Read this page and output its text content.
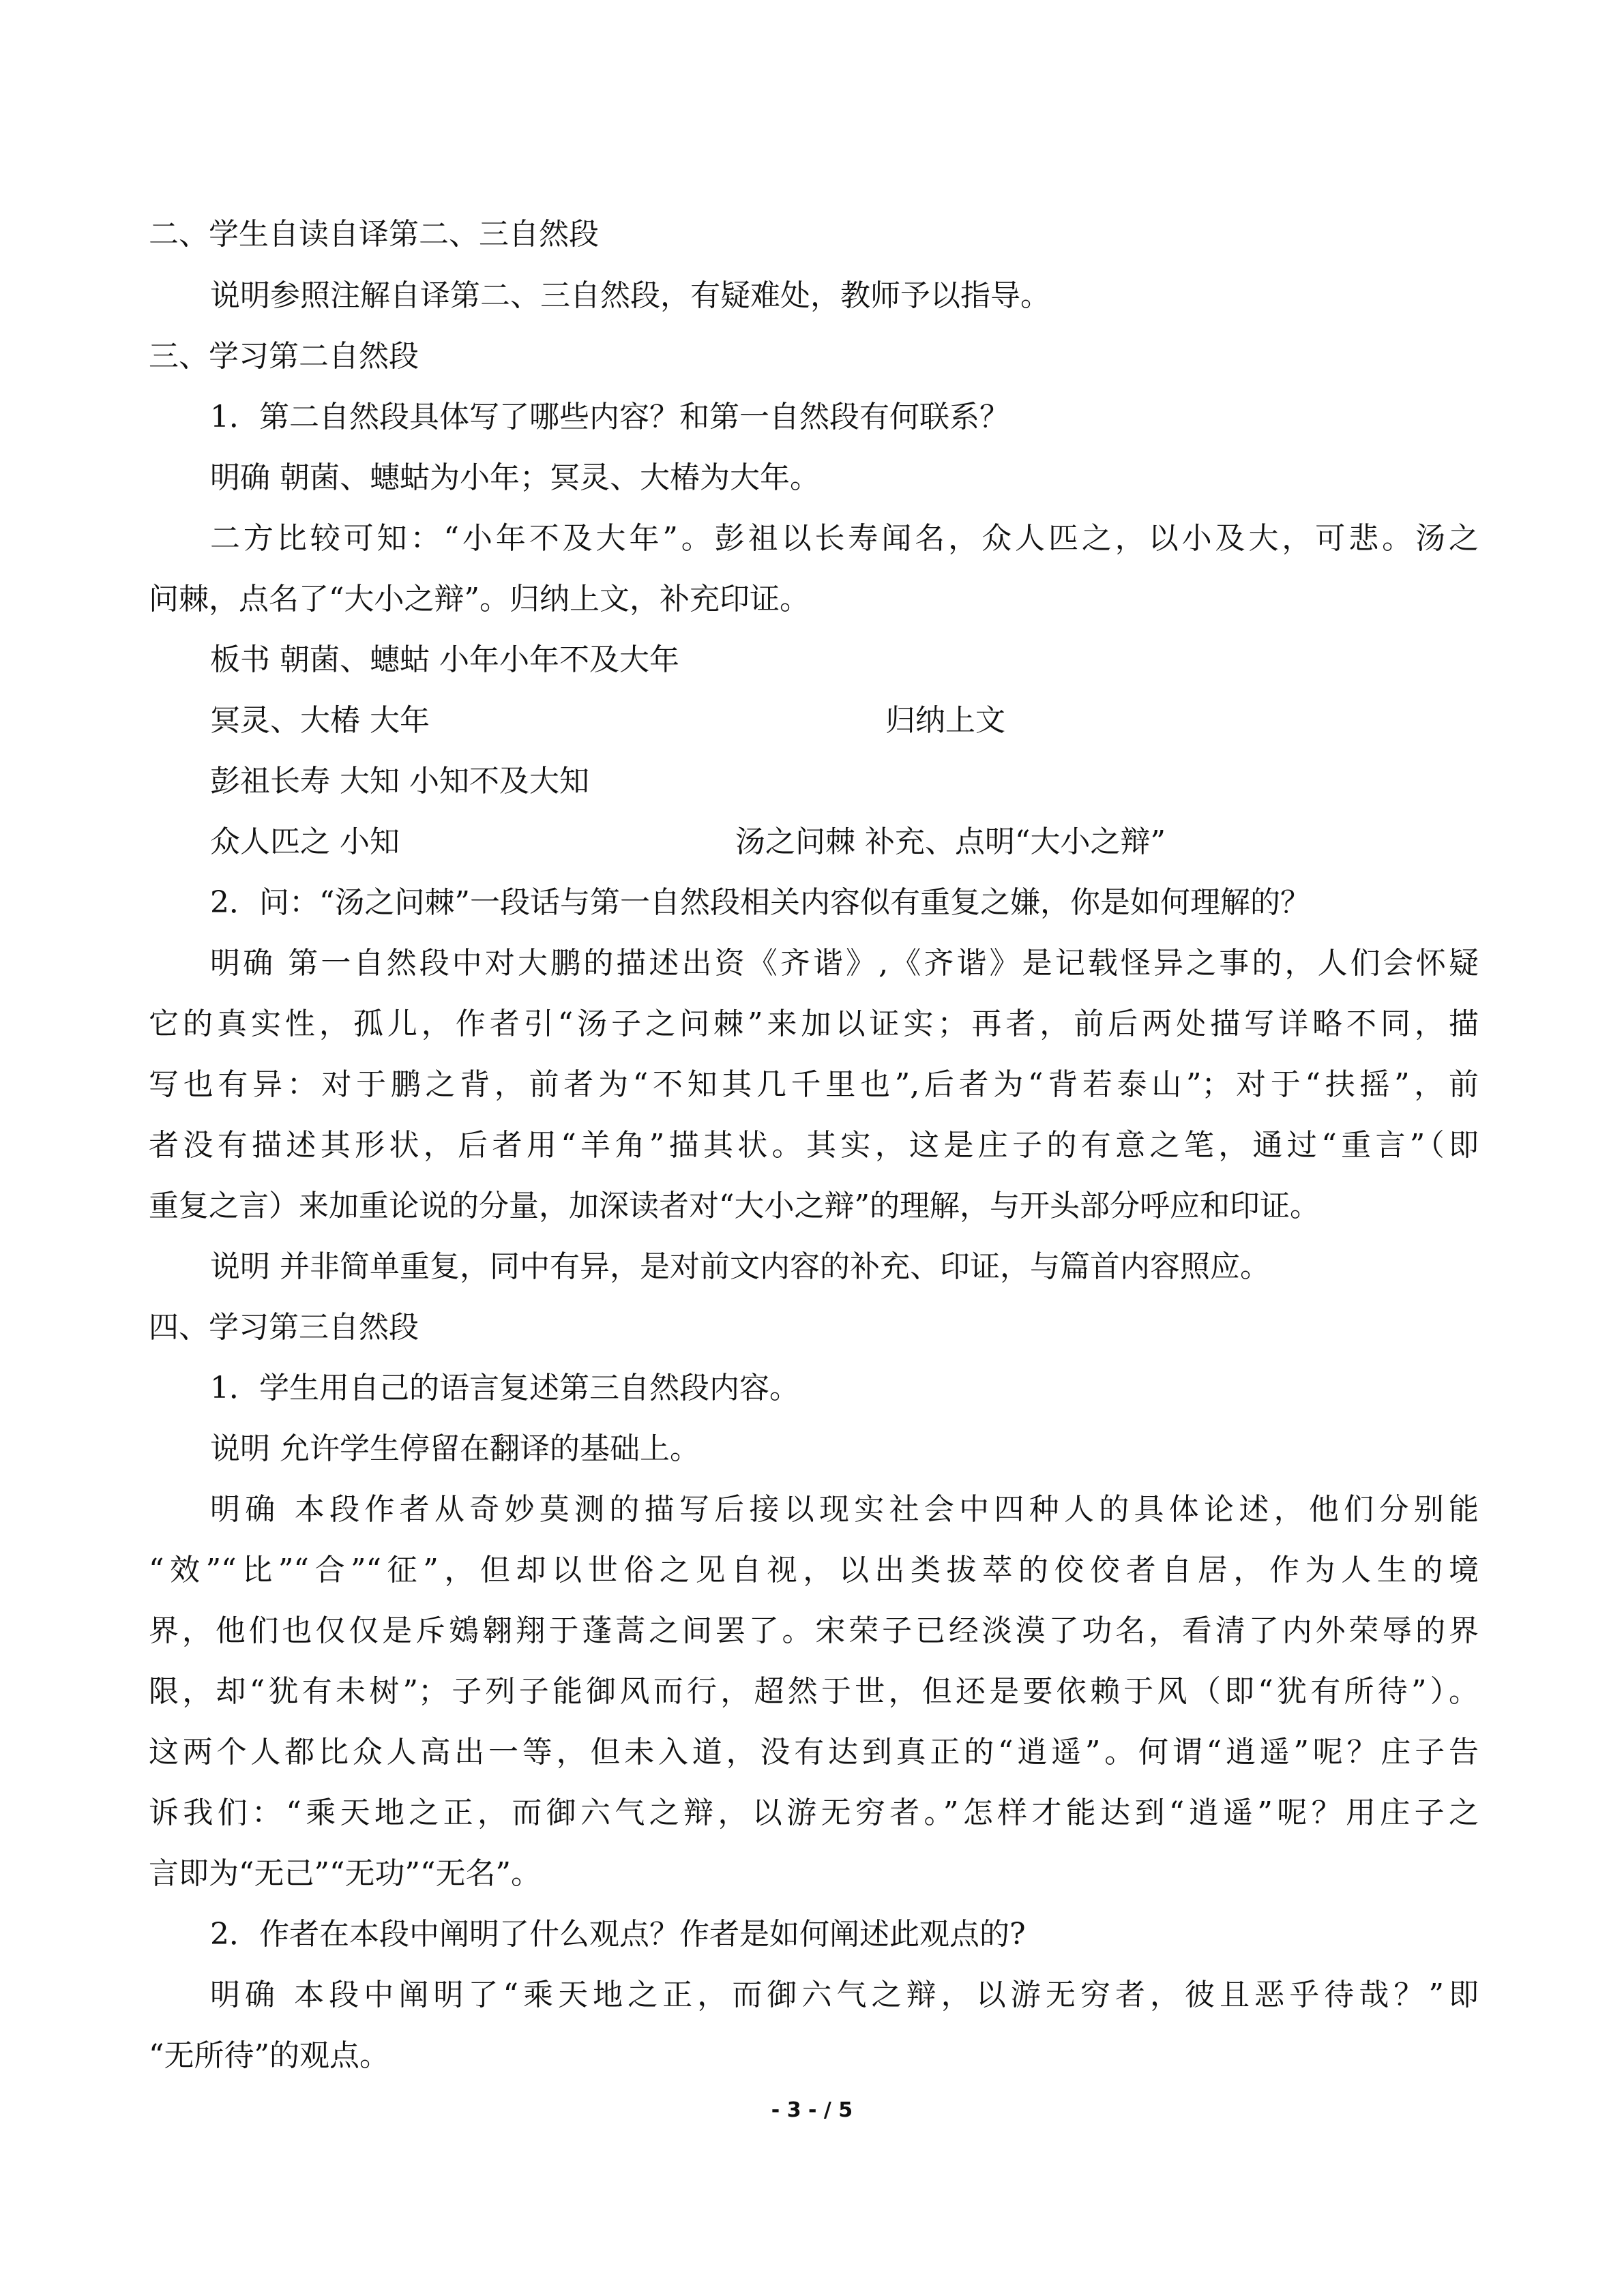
二、学生自读自译第二、三自然段
说明参照注解自译第二、三自然段，有疑难处，教师予以指导。
三、学习第二自然段
1．第二自然段具体写了哪些内容？和第一自然段有何联系？
明确 朝菌、蟪蛄为小年；冥灵、大椿为大年。
二方比较可知：“小年不及大年”。彭祖以长寿闻名，众人匹之，以小及大，可悲。汤之
问棘，点名了“大小之辩”。归纳上文，补充印证。
板书 朝菌、蟪蛄 小年小年不及大年
冥灵、大椿 大年	归纳上文
彭祖长寿 大知 小知不及大知
众人匹之 小知	汤之问棘 补充、点明“大小之辩”
2．问：“汤之问棘”一段话与第一自然段相关内容似有重复之嫌，你是如何理解的？
明确 第一自然段中对大鹏的描述出资《齐谐》,《齐谐》是记载怪异之事的，人们会怀疑
它的真实性，孤儿，作者引“汤子之问棘”来加以证实；再者，前后两处描写详略不同，描
写也有异：对于鹏之背，前者为“不知其几千里也”,后者为“背若泰山”；对于“扶摇”，前
者没有描述其形状，后者用“羊角”描其状。其实，这是庄子的有意之笔，通过“重言”（即
重复之言）来加重论说的分量，加深读者对“大小之辩”的理解，与开头部分呼应和印证。
说明 并非简单重复，同中有异，是对前文内容的补充、印证，与篇首内容照应。
四、学习第三自然段
1．学生用自己的语言复述第三自然段内容。
说明 允许学生停留在翻译的基础上。
明确 本段作者从奇妙莫测的描写后接以现实社会中四种人的具体论述，他们分别能
“效”“比”“合”“征”，但却以世俗之见自视，以出类拔萃的佼佼者自居，作为人生的境
界，他们也仅仅是斥鴳翱翔于蓬蒿之间罢了。宋荣子已经淡漠了功名，看清了内外荣辱的界
限，却“犹有未树”；子列子能御风而行，超然于世，但还是要依赖于风（即“犹有所待”）。
这两个人都比众人高出一等，但未入道，没有达到真正的“逍遥”。何谓“逍遥”呢？庄子告
诉我们：“乘天地之正，而御六气之辩，以游无穷者。”怎样才能达到“逍遥”呢？用庄子之
言即为“无己”“无功”“无名”。
2．作者在本段中阐明了什么观点？作者是如何阐述此观点的?
明确 本段中阐明了“乘天地之正，而御六气之辩，以游无穷者，彼且恶乎待哉？”即
“无所待”的观点。
- 3 - / 5
